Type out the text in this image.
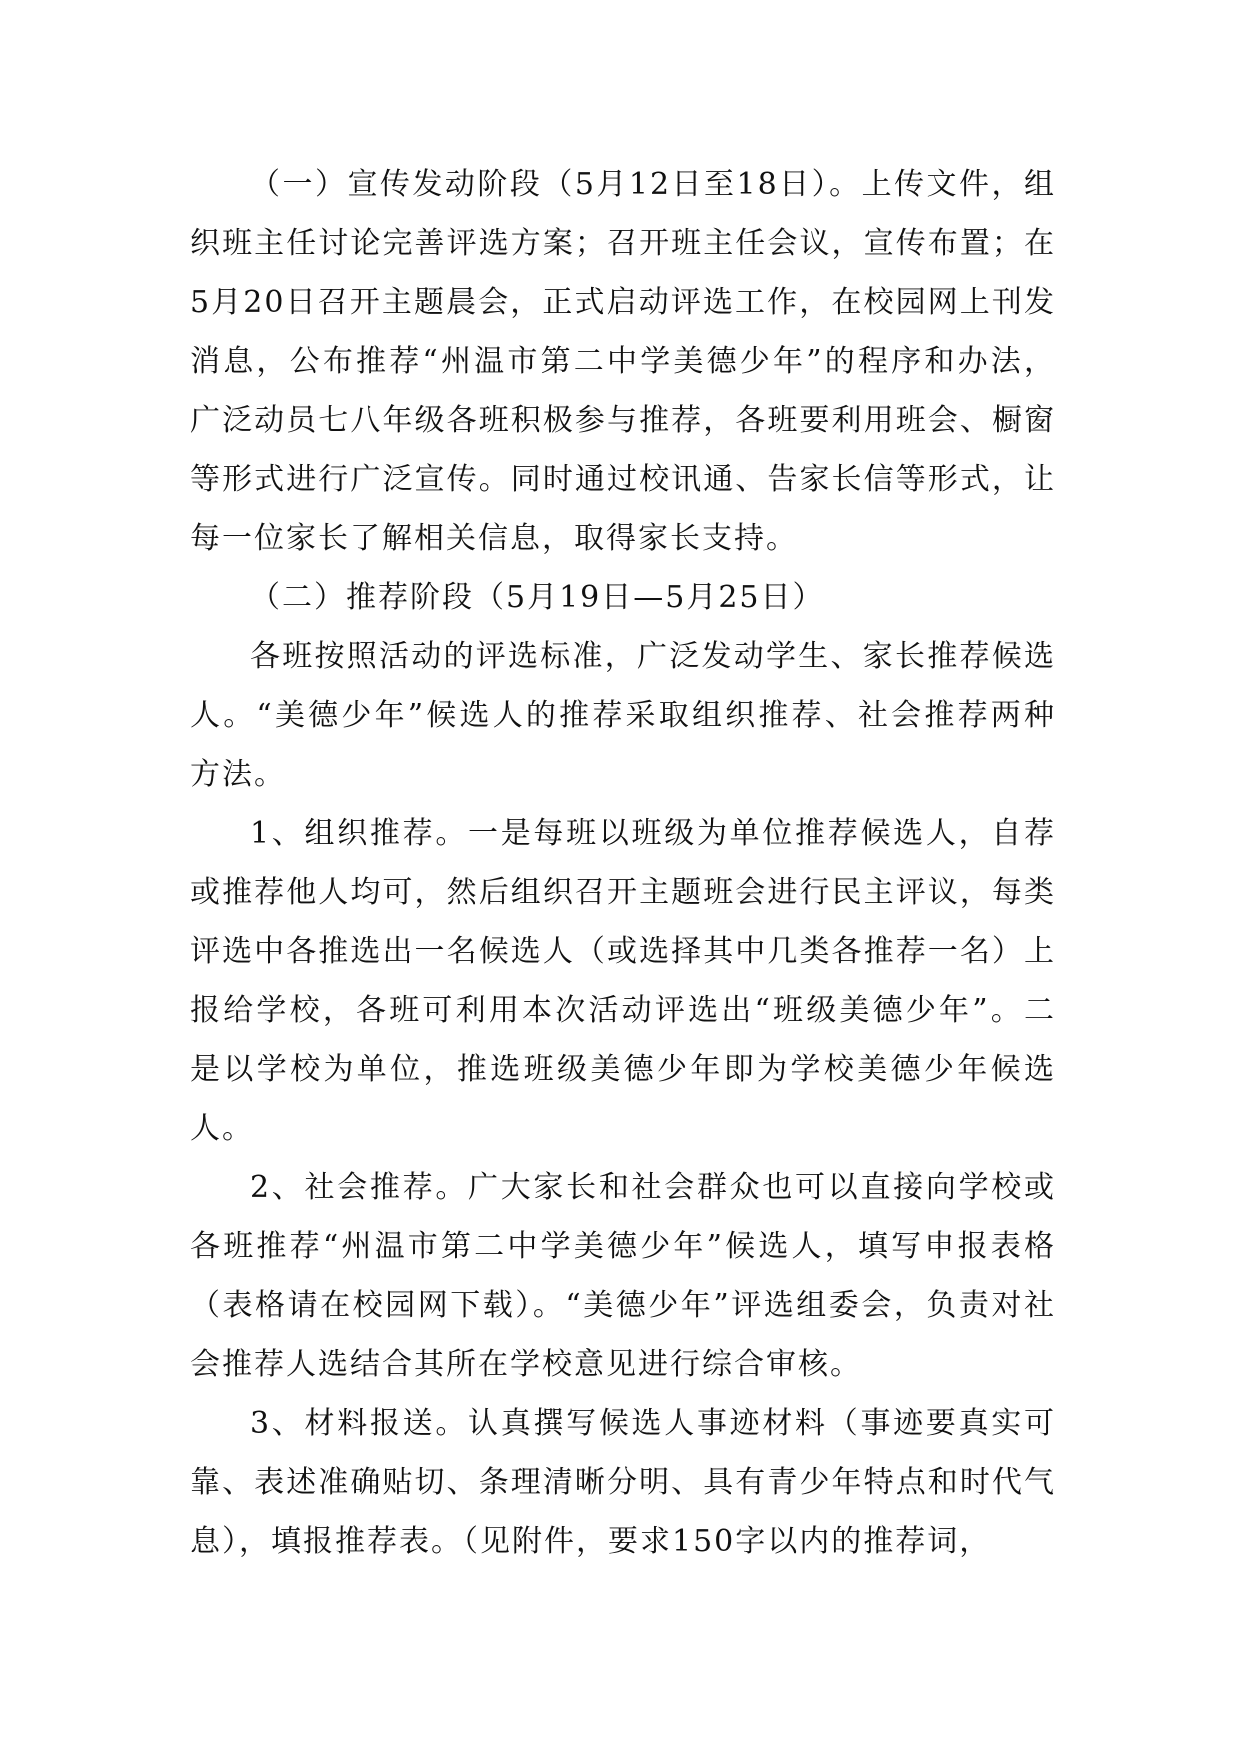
（一）宣传发动阶段（5月12日至18日）。上传文件，组织班主任讨论完善评选方案；召开班主任会议，宣传布置；在5月20日召开主题晨会，正式启动评选工作，在校园网上刊发消息，公布推荐“州温市第二中学美德少年”的程序和办法，广泛动员七八年级各班积极参与推荐，各班要利用班会、橱窗等形式进行广泛宣传。同时通过校讯通、告家长信等形式，让每一位家长了解相关信息，取得家长支持。

（二）推荐阶段（5月19日—5月25日）

各班按照活动的评选标准，广泛发动学生、家长推荐候选人。“美德少年”候选人的推荐采取组织推荐、社会推荐两种方法。

1、组织推荐。一是每班以班级为单位推荐候选人，自荐或推荐他人均可，然后组织召开主题班会进行民主评议，每类评选中各推选出一名候选人（或选择其中几类各推荐一名）上报给学校，各班可利用本次活动评选出“班级美德少年”。二是以学校为单位，推选班级美德少年即为学校美德少年候选人。

2、社会推荐。广大家长和社会群众也可以直接向学校或各班推荐“州温市第二中学美德少年”候选人，填写申报表格（表格请在校园网下载）。“美德少年”评选组委会，负责对社会推荐人选结合其所在学校意见进行综合审核。

3、材料报送。认真撰写候选人事迹材料（事迹要真实可靠、表述准确贴切、条理清晰分明、具有青少年特点和时代气息），填报推荐表。（见附件，要求150字以内的推荐词，
